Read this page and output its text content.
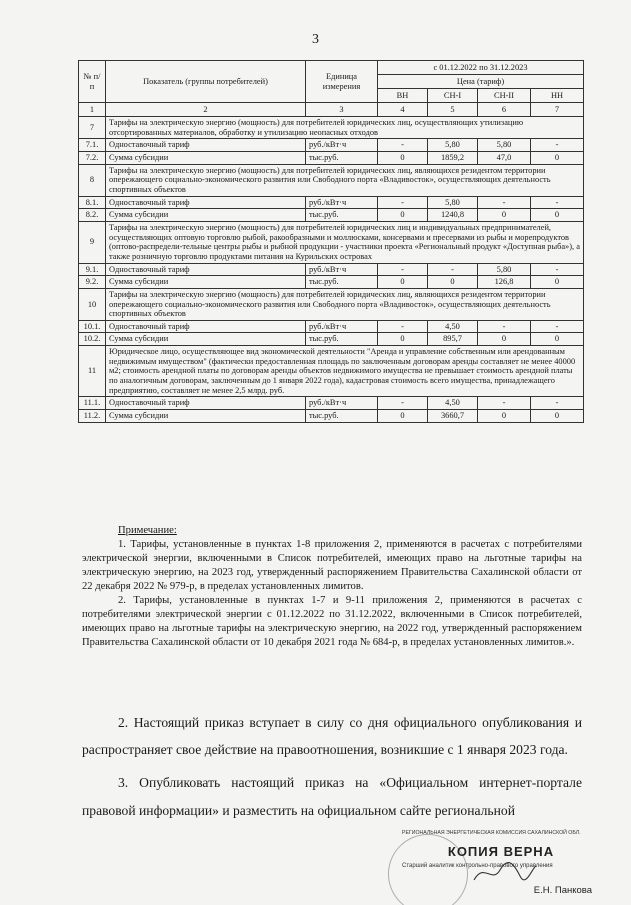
3
№ п/п	Показатель (группы потребителей)	Единица измерения	с 01.12.2022 по 31.12.2023			
			Цена (тариф)			
			ВН	СН-I	СН-II	НН
1	2	3	4	5	6	7
7	Тарифы на электрическую энергию (мощность) для потребителей юридических лиц, осуществляющих утилизацию отсортированных материалов, обработку и утилизацию неопасных отходов					
7.1.	Одноставочный тариф	руб./кВт·ч	-	5,80	5,80	-
7.2.	Сумма субсидии	тыс.руб.	0	1859,2	47,0	0
8	Тарифы на электрическую энергию (мощность) для потребителей юридических лиц, являющихся резидентом территории опережающего социально-экономического развития или Свободного порта «Владивосток», осуществляющих деятельность спортивных объектов					
8.1.	Одноставочный тариф	руб./кВт·ч	-	5,80	-	-
8.2.	Сумма субсидии	тыс.руб.	0	1240,8	0	0
9	Тарифы на электрическую энергию (мощность) для потребителей юридических лиц и индивидуальных предпринимателей, осуществляющих оптовую торговлю рыбой, ракообразными и моллюсками, консервами и пресервами из рыбы и морепродуктов (оптово-распредели-тельные центры рыбы и рыбной продукции - участники проекта «Региональный продукт «Доступная рыба»), а также розничную торговлю продуктами питания на Курильских островах					
9.1.	Одноставочный тариф	руб./кВт·ч	-	-	5,80	-
9.2.	Сумма субсидии	тыс.руб.	0	0	126,8	0
10	Тарифы на электрическую энергию (мощность) для потребителей юридических лиц, являющихся резидентом территории опережающего социально-экономического развития или Свободного порта «Владивосток», осуществляющих деятельность спортивных объектов					
10.1.	Одноставочный тариф	руб./кВт·ч	-	4,50	-	-
10.2.	Сумма субсидии	тыс.руб.	0	895,7	0	0
11	Юридическое лицо, осуществляющее вид экономической деятельности "Аренда и управление собственным или арендованным недвижимым имуществом" (фактически предоставленная площадь по заключенным договорам аренды составляет не менее 40000 м2; стоимость арендной платы по договорам аренды объектов недвижимого имущества не превышает стоимость арендной платы по аналогичным договорам, заключенным до 1 января 2022 года), кадастровая стоимость всего имущества, принадлежащего предприятию, составляет не менее 2,5 млрд. руб.					
11.1.	Одноставочный тариф	руб./кВт·ч	-	4,50	-	-
11.2.	Сумма субсидии	тыс.руб.	0	3660,7	0	0

Примечание:

1. Тарифы, установленные в пунктах 1-8 приложения 2, применяются в расчетах с потребителями электрической энергии, включенными в Список потребителей, имеющих право на льготные тарифы на электрическую энергию, на 2023 год, утвержденный распоряжением Правительства Сахалинской области от 22 декабря 2022 № 979-р, в пределах установленных лимитов.

2. Тарифы, установленные в пунктах 1-7 и 9-11 приложения 2, применяются в расчетах с потребителями электрической энергии с 01.12.2022 по 31.12.2022, включенными в Список потребителей, имеющих право на льготные тарифы на электрическую энергию, на 2022 год, утвержденный распоряжением Правительства Сахалинской области от 10 декабря 2021 года № 684-р, в пределах установленных лимитов.».

2. Настоящий приказ вступает в силу со дня официального опубликования и распространяет свое действие на правоотношения, возникшие с 1 января 2023 года.

3. Опубликовать настоящий приказ на «Официальном интернет-портале правовой информации» и разместить на официальном сайте региональной

РЕГИОНАЛЬНАЯ ЭНЕРГЕТИЧЕСКАЯ КОМИССИЯ САХАЛИНСКОЙ ОБЛ.
КОПИЯ ВЕРНА
Старший аналитик контрольно-правового управления
Е.Н. Панкова
